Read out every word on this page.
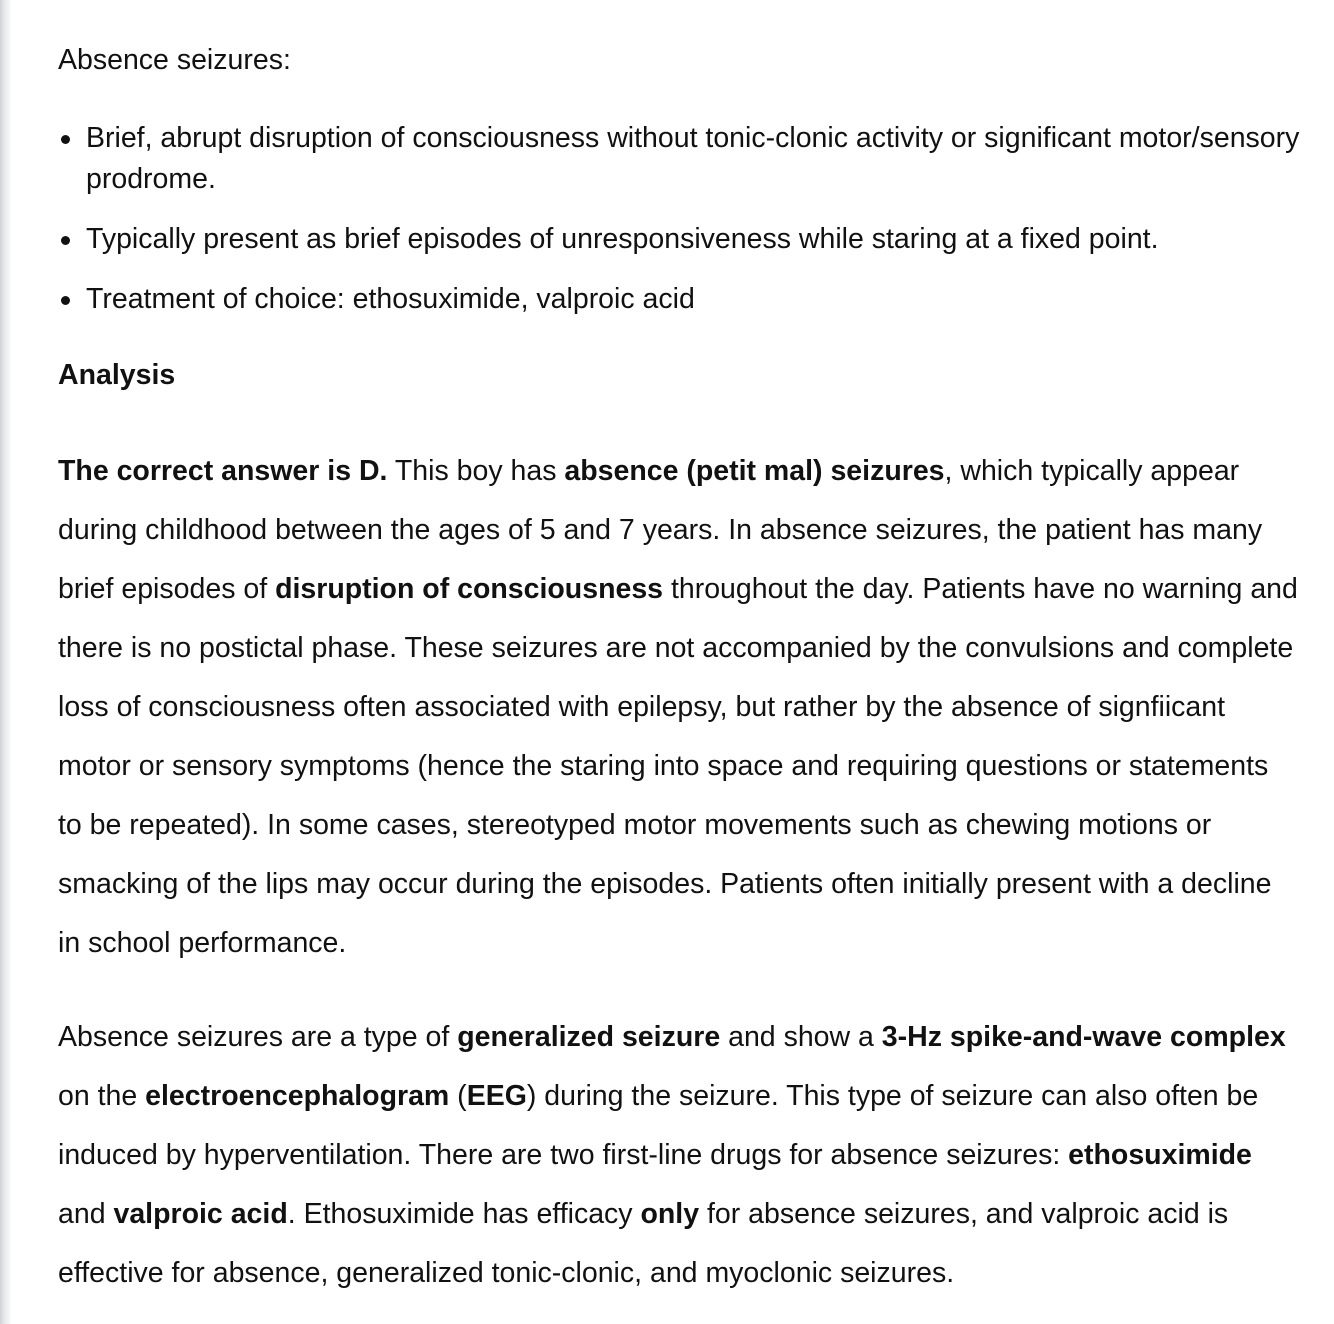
Absence seizures:
Brief, abrupt disruption of consciousness without tonic-clonic activity or significant motor/sensory prodrome.
Typically present as brief episodes of unresponsiveness while staring at a fixed point.
Treatment of choice: ethosuximide, valproic acid
Analysis

The correct answer is D. This boy has absence (petit mal) seizures, which typically appear during childhood between the ages of 5 and 7 years. In absence seizures, the patient has many brief episodes of disruption of consciousness throughout the day. Patients have no warning and there is no postictal phase. These seizures are not accompanied by the convulsions and complete loss of consciousness often associated with epilepsy, but rather by the absence of signfiicant motor or sensory symptoms (hence the staring into space and requiring questions or statements to be repeated). In some cases, stereotyped motor movements such as chewing motions or smacking of the lips may occur during the episodes. Patients often initially present with a decline in school performance.

Absence seizures are a type of generalized seizure and show a 3-Hz spike-and-wave complex on the electroencephalogram (EEG) during the seizure. This type of seizure can also often be induced by hyperventilation. There are two first-line drugs for absence seizures: ethosuximide and valproic acid. Ethosuximide has efficacy only for absence seizures, and valproic acid is effective for absence, generalized tonic-clonic, and myoclonic seizures.
